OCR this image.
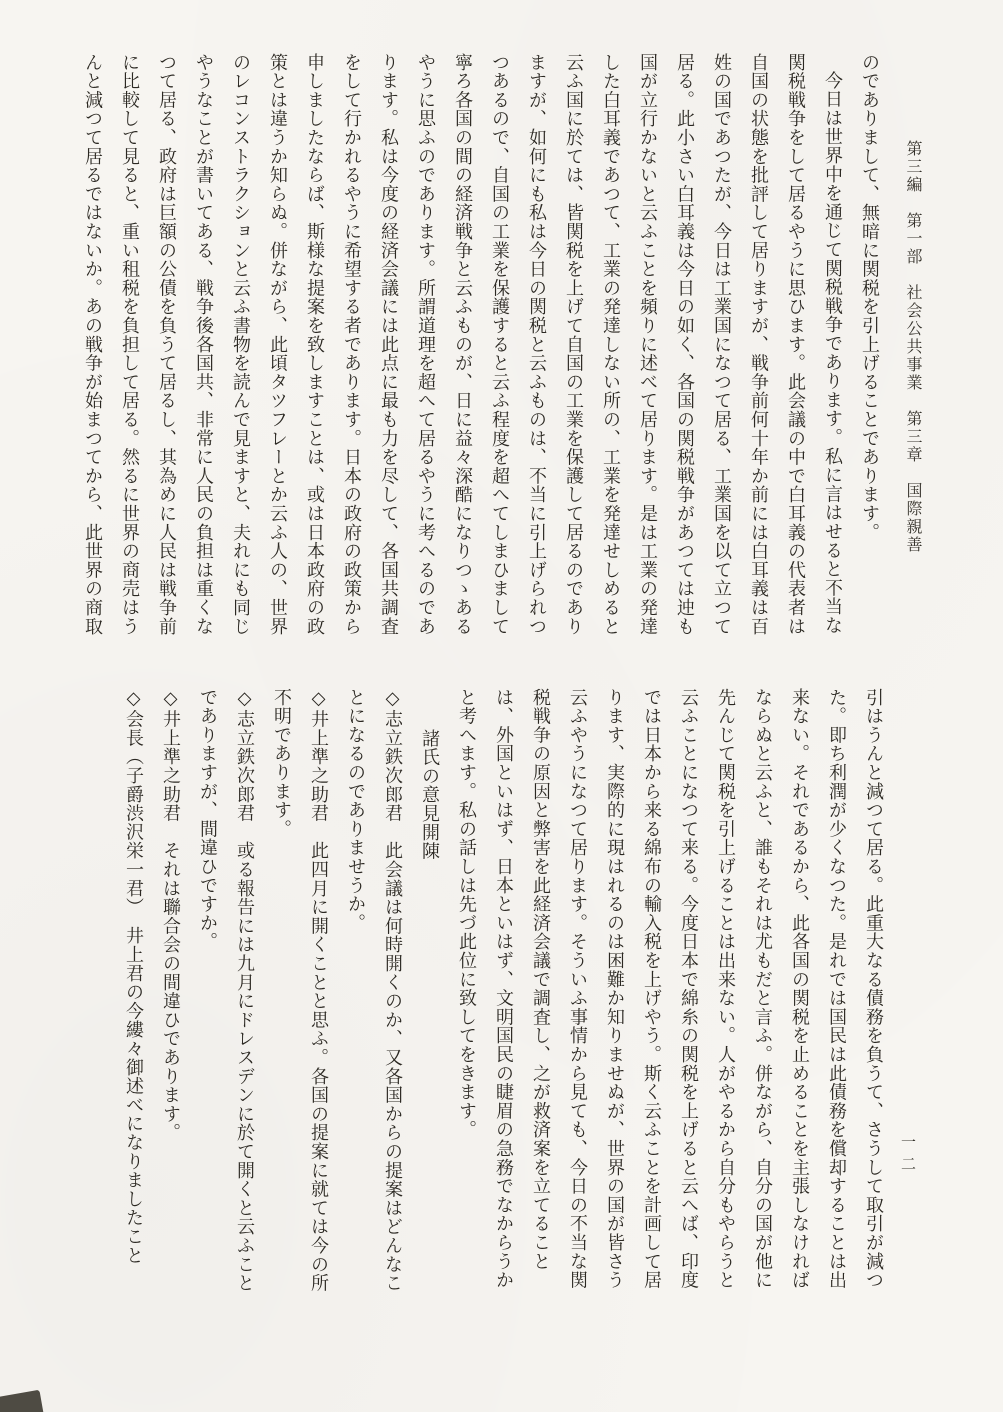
第三編　第一部　社会公共事業　第三章　国際親善
一二

のでありまして、無暗に関税を引上げることであります。

今日は世界中を通じて関税戦争であります。私に言はせると不当な関税戦争をして居るやうに思ひます。此会議の中で白耳義の代表者は自国の状態を批評して居りますが、戦争前何十年か前には白耳義は百姓の国であつたが、今日は工業国になつて居る、工業国を以て立つて居る。此小さい白耳義は今日の如く、各国の関税戦争があつては迚も国が立行かないと云ふことを頻りに述べて居ります。是は工業の発達した白耳義であつて、工業の発達しない所の、工業を発達せしめると云ふ国に於ては、皆関税を上げて自国の工業を保護して居るのでありますが、如何にも私は今日の関税と云ふものは、不当に引上げられつつあるので、自国の工業を保護すると云ふ程度を超へてしまひまして寧ろ各国の間の経済戦争と云ふものが、日に益々深酷になりつゝあるやうに思ふのであります。所謂道理を超へて居るやうに考へるのであります。私は今度の経済会議には此点に最も力を尽して、各国共調査をして行かれるやうに希望する者であります。日本の政府の政策から申しましたならば、斯様な提案を致しますことは、或は日本政府の政策とは違うか知らぬ。併ながら、此頃タツフレーとか云ふ人の、世界のレコンストラクションと云ふ書物を読んで見ますと、夫れにも同じやうなことが書いてある、戦争後各国共、非常に人民の負担は重くなつて居る、政府は巨額の公債を負うて居るし、其為めに人民は戦争前に比較して見ると、重い租税を負担して居る。然るに世界の商売はうんと減つて居るではないか。あの戦争が始まつてから、此世界の商取

引はうんと減つて居る。此重大なる債務を負うて、さうして取引が減つた。即ち利潤が少くなつた。是れでは国民は此債務を償却することは出来ない。それであるから、此各国の関税を止めることを主張しなければならぬと云ふと、誰もそれは尤もだと言ふ。併ながら、自分の国が他に先んじて関税を引上げることは出来ない。人がやるから自分もやらうと云ふことになつて来る。今度日本で綿糸の関税を上げると云へば、印度では日本から来る綿布の輸入税を上げやう。斯く云ふことを計画して居ります、実際的に現はれるのは困難か知りませぬが、世界の国が皆さう云ふやうになつて居ります。そういふ事情から見ても、今日の不当な関税戦争の原因と弊害を此経済会議で調査し、之が救済案を立てることは、外国といはず、日本といはず、文明国民の睫眉の急務でなからうかと考へます。私の話しは先づ此位に致してをきます。

諸氏の意見開陳

◇志立鉄次郎君　此会議は何時開くのか、又各国からの提案はどんなことになるのでありませうか。

◇井上準之助君　此四月に開くことと思ふ。各国の提案に就ては今の所不明であります。

◇志立鉄次郎君　或る報告には九月にドレスデンに於て開くと云ふことでありますが、間違ひですか。

◇井上準之助君　それは聯合会の間違ひであります。

◇会長（子爵渋沢栄一君）　井上君の今縷々御述べになりましたこと
